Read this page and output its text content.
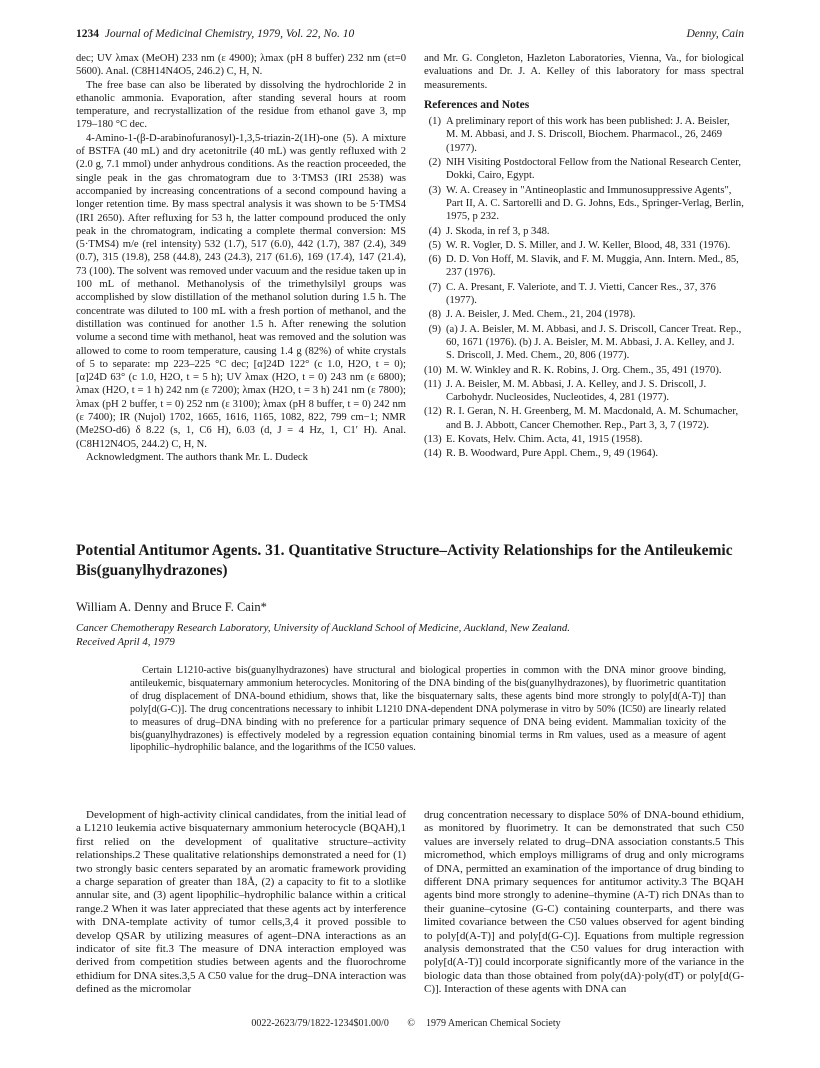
1234 Journal of Medicinal Chemistry, 1979, Vol. 22, No. 10	Denny, Cain

dec; UV λmax (MeOH) 233 nm (ε 4900); λmax (pH 8 buffer) 232 nm (εt=0 5600). Anal. (C8H14N4O5, 246.2) C, H, N.

The free base can also be liberated by dissolving the hydrochloride 2 in ethanolic ammonia. Evaporation, after standing several hours at room temperature, and recrystallization of the residue from ethanol gave 3, mp 179–180 °C dec.

4-Amino-1-(β-D-arabinofuranosyl)-1,3,5-triazin-2(1H)-one (5). A mixture of BSTFA (40 mL) and dry acetonitrile (40 mL) was gently refluxed with 2 (2.0 g, 7.1 mmol) under anhydrous conditions. As the reaction proceeded, the single peak in the gas chromatogram due to 3·TMS3 (IRI 2538) was accompanied by increasing concentrations of a second compound having a longer retention time. By mass spectral analysis it was shown to be 5·TMS4 (IRI 2650). After refluxing for 53 h, the latter compound produced the only peak in the chromatogram, indicating a complete thermal conversion: MS (5·TMS4) m/e (rel intensity) 532 (1.7), 517 (6.0), 442 (1.7), 387 (2.4), 349 (0.7), 315 (19.8), 258 (44.8), 243 (24.3), 217 (61.6), 169 (17.4), 147 (21.4), 73 (100). The solvent was removed under vacuum and the residue taken up in 100 mL of methanol. Methanolysis of the trimethylsilyl groups was accomplished by slow distillation of the methanol solution during 1.5 h. The concentrate was diluted to 100 mL with a fresh portion of methanol, and the distillation was continued for another 1.5 h. After renewing the solution volume a second time with methanol, heat was removed and the solution was allowed to come to room temperature, causing 1.4 g (82%) of white crystals of 5 to separate: mp 223–225 °C dec; [α]24D 122° (c 1.0, H2O, t = 0); [α]24D 63° (c 1.0, H2O, t = 5 h); UV λmax (H2O, t = 0) 243 nm (ε 6800); λmax (H2O, t = 1 h) 242 nm (ε 7200); λmax (H2O, t = 3 h) 241 nm (ε 7800); λmax (pH 2 buffer, t = 0) 252 nm (ε 3100); λmax (pH 8 buffer, t = 0) 242 nm (ε 7400); IR (Nujol) 1702, 1665, 1616, 1165, 1082, 822, 799 cm−1; NMR (Me2SO-d6) δ 8.22 (s, 1, C6 H), 6.03 (d, J = 4 Hz, 1, C1′ H). Anal. (C8H12N4O5, 244.2) C, H, N.

Acknowledgment. The authors thank Mr. L. Dudeck

and Mr. G. Congleton, Hazleton Laboratories, Vienna, Va., for biological evaluations and Dr. J. A. Kelley of this laboratory for mass spectral measurements.

References and Notes
(1) A preliminary report of this work has been published: J. A. Beisler, M. M. Abbasi, and J. S. Driscoll, Biochem. Pharmacol., 26, 2469 (1977).
(2) NIH Visiting Postdoctoral Fellow from the National Research Center, Dokki, Cairo, Egypt.
(3) W. A. Creasey in "Antineoplastic and Immunosuppressive Agents", Part II, A. C. Sartorelli and D. G. Johns, Eds., Springer-Verlag, Berlin, 1975, p 232.
(4) J. Skoda, in ref 3, p 348.
(5) W. R. Vogler, D. S. Miller, and J. W. Keller, Blood, 48, 331 (1976).
(6) D. D. Von Hoff, M. Slavik, and F. M. Muggia, Ann. Intern. Med., 85, 237 (1976).
(7) C. A. Presant, F. Valeriote, and T. J. Vietti, Cancer Res., 37, 376 (1977).
(8) J. A. Beisler, J. Med. Chem., 21, 204 (1978).
(9) (a) J. A. Beisler, M. M. Abbasi, and J. S. Driscoll, Cancer Treat. Rep., 60, 1671 (1976). (b) J. A. Beisler, M. M. Abbasi, J. A. Kelley, and J. S. Driscoll, J. Med. Chem., 20, 806 (1977).
(10) M. W. Winkley and R. K. Robins, J. Org. Chem., 35, 491 (1970).
(11) J. A. Beisler, M. M. Abbasi, J. A. Kelley, and J. S. Driscoll, J. Carbohydr. Nucleosides, Nucleotides, 4, 281 (1977).
(12) R. I. Geran, N. H. Greenberg, M. M. Macdonald, A. M. Schumacher, and B. J. Abbott, Cancer Chemother. Rep., Part 3, 3, 7 (1972).
(13) E. Kovats, Helv. Chim. Acta, 41, 1915 (1958).
(14) R. B. Woodward, Pure Appl. Chem., 9, 49 (1964).
Potential Antitumor Agents. 31. Quantitative Structure–Activity Relationships for the Antileukemic Bis(guanylhydrazones)
William A. Denny and Bruce F. Cain*
Cancer Chemotherapy Research Laboratory, University of Auckland School of Medicine, Auckland, New Zealand.
Received April 4, 1979

Certain L1210-active bis(guanylhydrazones) have structural and biological properties in common with the DNA minor groove binding, antileukemic, bisquaternary ammonium heterocycles. Monitoring of the DNA binding of the bis(guanylhydrazones), by fluorimetric quantitation of drug displacement of DNA-bound ethidium, shows that, like the bisquaternary salts, these agents bind more strongly to poly[d(A-T)] than poly[d(G-C)]. The drug concentrations necessary to inhibit L1210 DNA-dependent DNA polymerase in vitro by 50% (IC50) are linearly related to measures of drug–DNA binding with no preference for a particular primary sequence of DNA being evident. Mammalian toxicity of the bis(guanylhydrazones) is effectively modeled by a regression equation containing binomial terms in Rm values, used as a measure of agent lipophilic–hydrophilic balance, and the logarithms of the IC50 values.

Development of high-activity clinical candidates, from the initial lead of a L1210 leukemia active bisquaternary ammonium heterocycle (BQAH),1 first relied on the development of qualitative structure–activity relationships.2 These qualitative relationships demonstrated a need for (1) two strongly basic centers separated by an aromatic framework providing a charge separation of greater than 18Å, (2) a capacity to fit to a slotlike annular site, and (3) agent lipophilic–hydrophilic balance within a critical range.2 When it was later appreciated that these agents act by interference with DNA-template activity of tumor cells,3,4 it proved possible to develop QSAR by utilizing measures of agent–DNA interactions as an indicator of site fit.3 The measure of DNA interaction employed was derived from competition studies between agents and the fluorochrome ethidium for DNA sites.3,5 A C50 value for the drug–DNA interaction was defined as the micromolar

drug concentration necessary to displace 50% of DNA-bound ethidium, as monitored by fluorimetry. It can be demonstrated that such C50 values are inversely related to drug–DNA association constants.5 This micromethod, which employs milligrams of drug and only micrograms of DNA, permitted an examination of the importance of drug binding to different DNA primary sequences for antitumor activity.3 The BQAH agents bind more strongly to adenine–thymine (A-T) rich DNAs than to their guanine–cytosine (G-C) containing counterparts, and there was limited covariance between the C50 values observed for agent binding to poly[d(A-T)] and poly[d(G-C)]. Equations from multiple regression analysis demonstrated that the C50 values for drug interaction with poly[d(A-T)] could incorporate significantly more of the variance in the biologic data than those obtained from poly(dA)·poly(dT) or poly[d(G-C)]. Interaction of these agents with DNA can

0022-2623/79/1822-1234$01.00/0 © 1979 American Chemical Society
